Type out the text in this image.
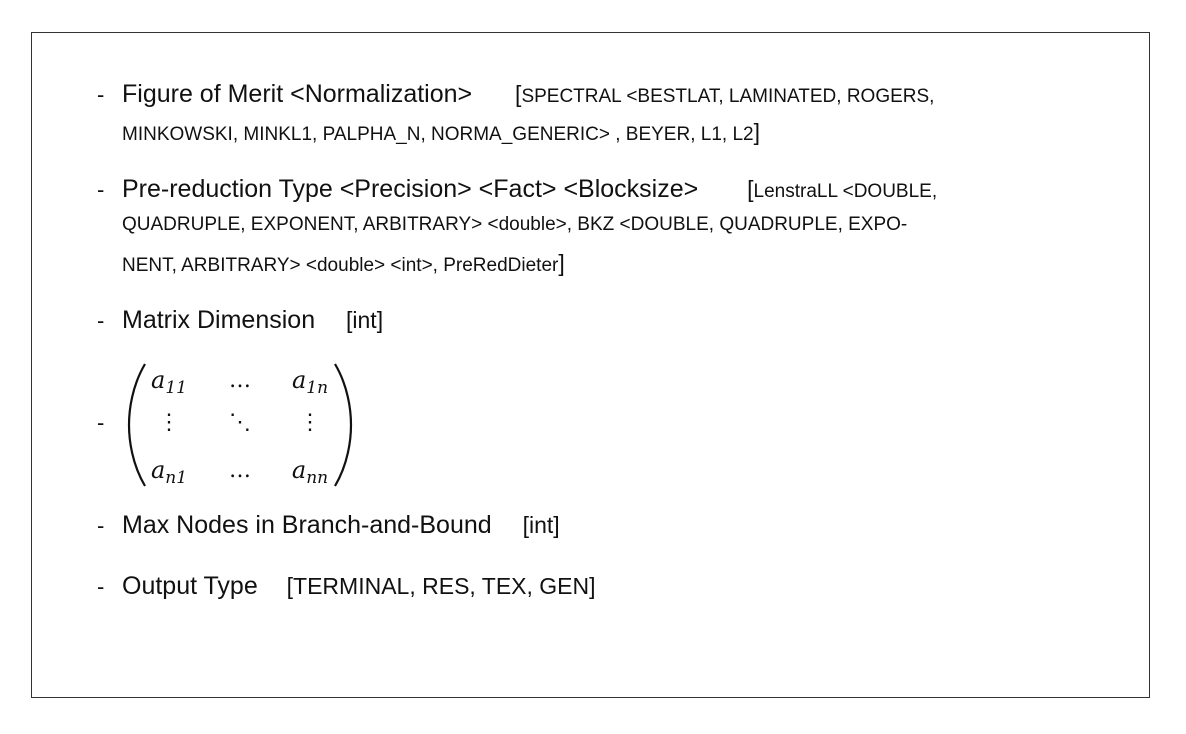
- Figure of Merit <Normalization> [SPECTRAL <BESTLAT, LAMINATED, ROGERS,
MINKOWSKI, MINKL1, PALPHA_N, NORMA_GENERIC> , BEYER, L1, L2]
- Pre-reduction Type <Precision> <Fact> <Blocksize> [LenstraLL <DOUBLE,
QUADRUPLE, EXPONENT, ARBITRARY> <double>, BKZ <DOUBLE, QUADRUPLE, EXPO-
NENT, ARBITRARY> <double> <int>, PreRedDieter]
- Matrix Dimension [int]
-
$a_{11}$ … $a_{1n}$
⋮ ⋱ ⋮
$a_{n1}$ … $a_{nn}$
- Max Nodes in Branch-and-Bound [int]
- Output Type [TERMINAL, RES, TEX, GEN]
